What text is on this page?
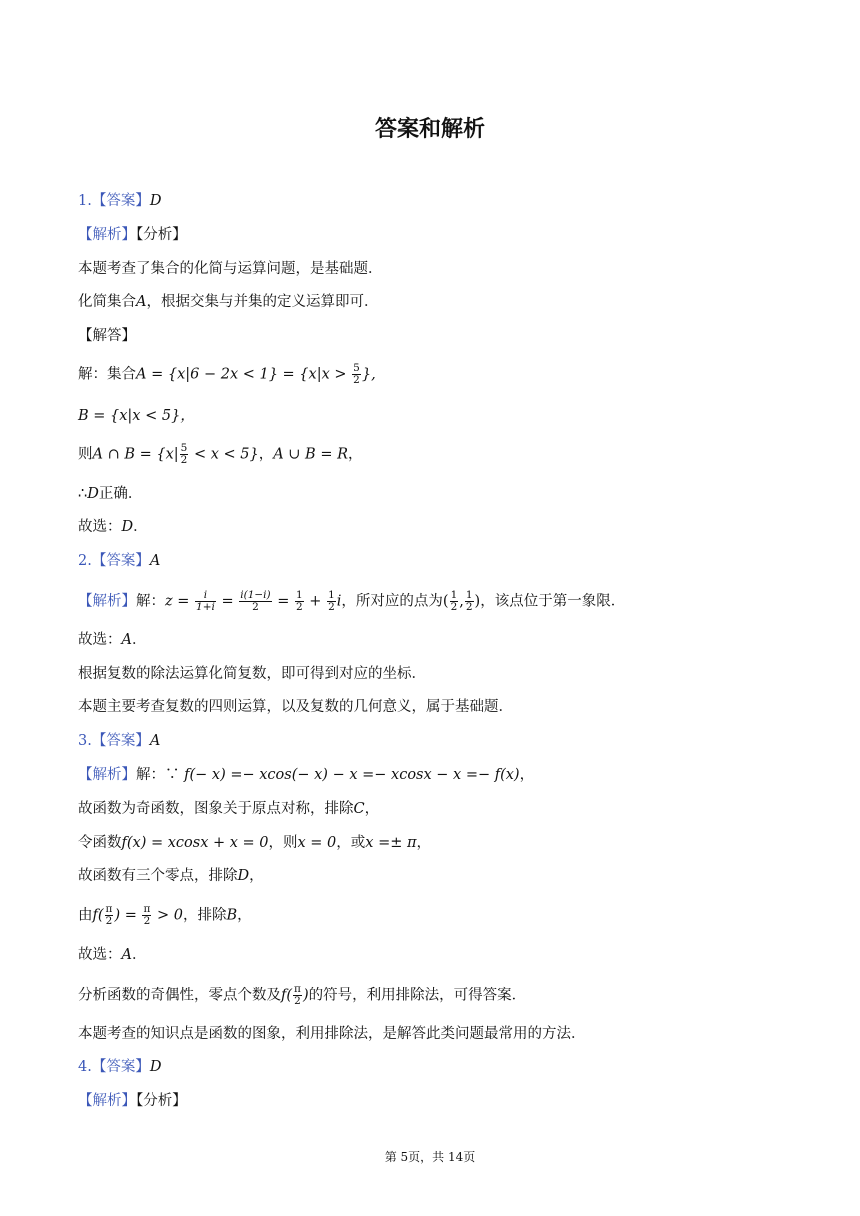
答案和解析
1.【答案】D
【解析】【分析】
本题考查了集合的化简与运算问题，是基础题．
化简集合A，根据交集与并集的定义运算即可．
【解答】
解：集合$A = \{x|6 - 2x < 1\} = \{x|x > \frac{5}{2}$ },
B = {x|x < 5}，
则A ∩ $B = \{x| \frac{5}{2} < x < 5\}$，A ∪ B = R，
∴D正确．
故选：D．
2.【答案】A
【解析】解：$z = \frac{i}{1+i} = \frac{i(1-i)}{2} = \frac{1}{2} + \frac{1}{2}$ i，所对应的点为( $\frac{1}{2}$ , $\frac{1}{2}$ )，该点位于第一象限．
故选：A．
根据复数的除法运算化简复数，即可得到对应的坐标．
本题主要考查复数的四则运算，以及复数的几何意义，属于基础题．
3.【答案】A
【解析】解：∵ f(− x) =− xcos(− x) − x =− xcosx − x =− f(x)，
故函数为奇函数，图象关于原点对称，排除C，
令函数f(x) = xcosx + x = 0，则x = 0，或x =± π，
故函数有三个零点，排除D，
由$f( \frac{\pi}{2}$ ) = $\frac{\pi}{2} > 0$，排除B，
故选：A．
分析函数的奇偶性，零点个数及$f( \frac{\pi}{2}$ )的符号，利用排除法，可得答案．
本题考查的知识点是函数的图象，利用排除法，是解答此类问题最常用的方法．
4.【答案】D
【解析】【分析】
第 5页，共 14页
